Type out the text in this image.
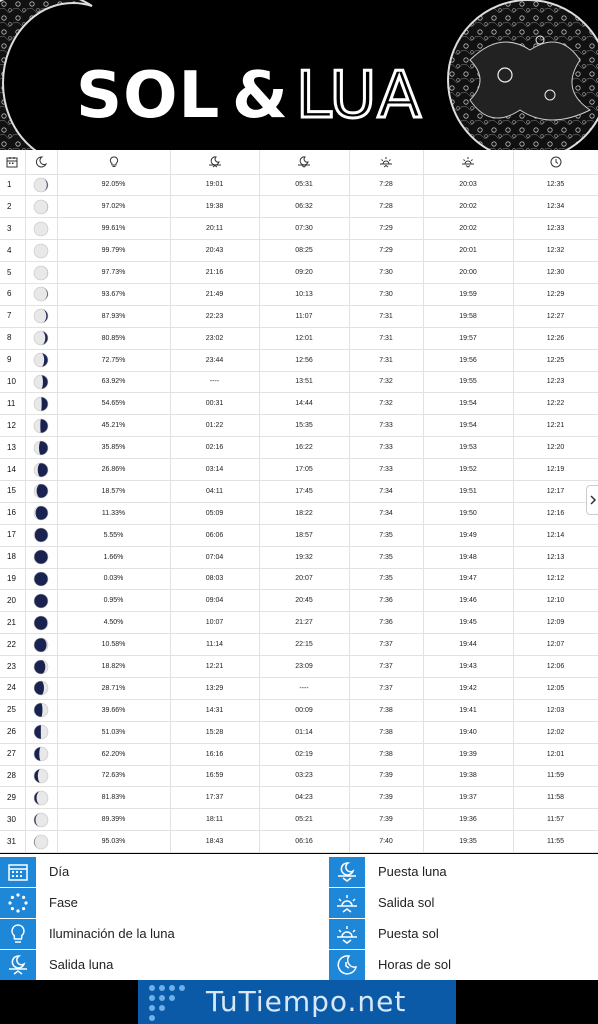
SOL & LUA

1		92.05%	19:01	05:31	7:28	20:03	12:35
2		97.02%	19:38	06:32	7:28	20:02	12:34
3		99.61%	20:11	07:30	7:29	20:02	12:33
4		99.79%	20:43	08:25	7:29	20:01	12:32
5		97.73%	21:16	09:20	7:30	20:00	12:30
6		93.67%	21:49	10:13	7:30	19:59	12:29
7		87.93%	22:23	11:07	7:31	19:58	12:27
8		80.85%	23:02	12:01	7:31	19:57	12:26
9		72.75%	23:44	12:56	7:31	19:56	12:25
10		63.92%	----	13:51	7:32	19:55	12:23
11		54.65%	00:31	14:44	7:32	19:54	12:22
12		45.21%	01:22	15:35	7:33	19:54	12:21
13		35.85%	02:16	16:22	7:33	19:53	12:20
14		26.86%	03:14	17:05	7:33	19:52	12:19
15		18.57%	04:11	17:45	7:34	19:51	12:17
16		11.33%	05:09	18:22	7:34	19:50	12:16
17		5.55%	06:06	18:57	7:35	19:49	12:14
18		1.66%	07:04	19:32	7:35	19:48	12:13
19		0.03%	08:03	20:07	7:35	19:47	12:12
20		0.95%	09:04	20:45	7:36	19:46	12:10
21		4.50%	10:07	21:27	7:36	19:45	12:09
22		10.58%	11:14	22:15	7:37	19:44	12:07
23		18.82%	12:21	23:09	7:37	19:43	12:06
24		28.71%	13:29	----	7:37	19:42	12:05
25		39.66%	14:31	00:09	7:38	19:41	12:03
26		51.03%	15:28	01:14	7:38	19:40	12:02
27		62.20%	16:16	02:19	7:38	19:39	12:01
28		72.63%	16:59	03:23	7:39	19:38	11:59
29		81.83%	17:37	04:23	7:39	19:37	11:58
30		89.39%	18:11	05:21	7:39	19:36	11:57
31		95.03%	18:43	06:16	7:40	19:35	11:55
Día
Fase
Iluminación de la luna
Salida luna
Puesta luna
Salida sol
Puesta sol
Horas de sol
TuTiempo.net
